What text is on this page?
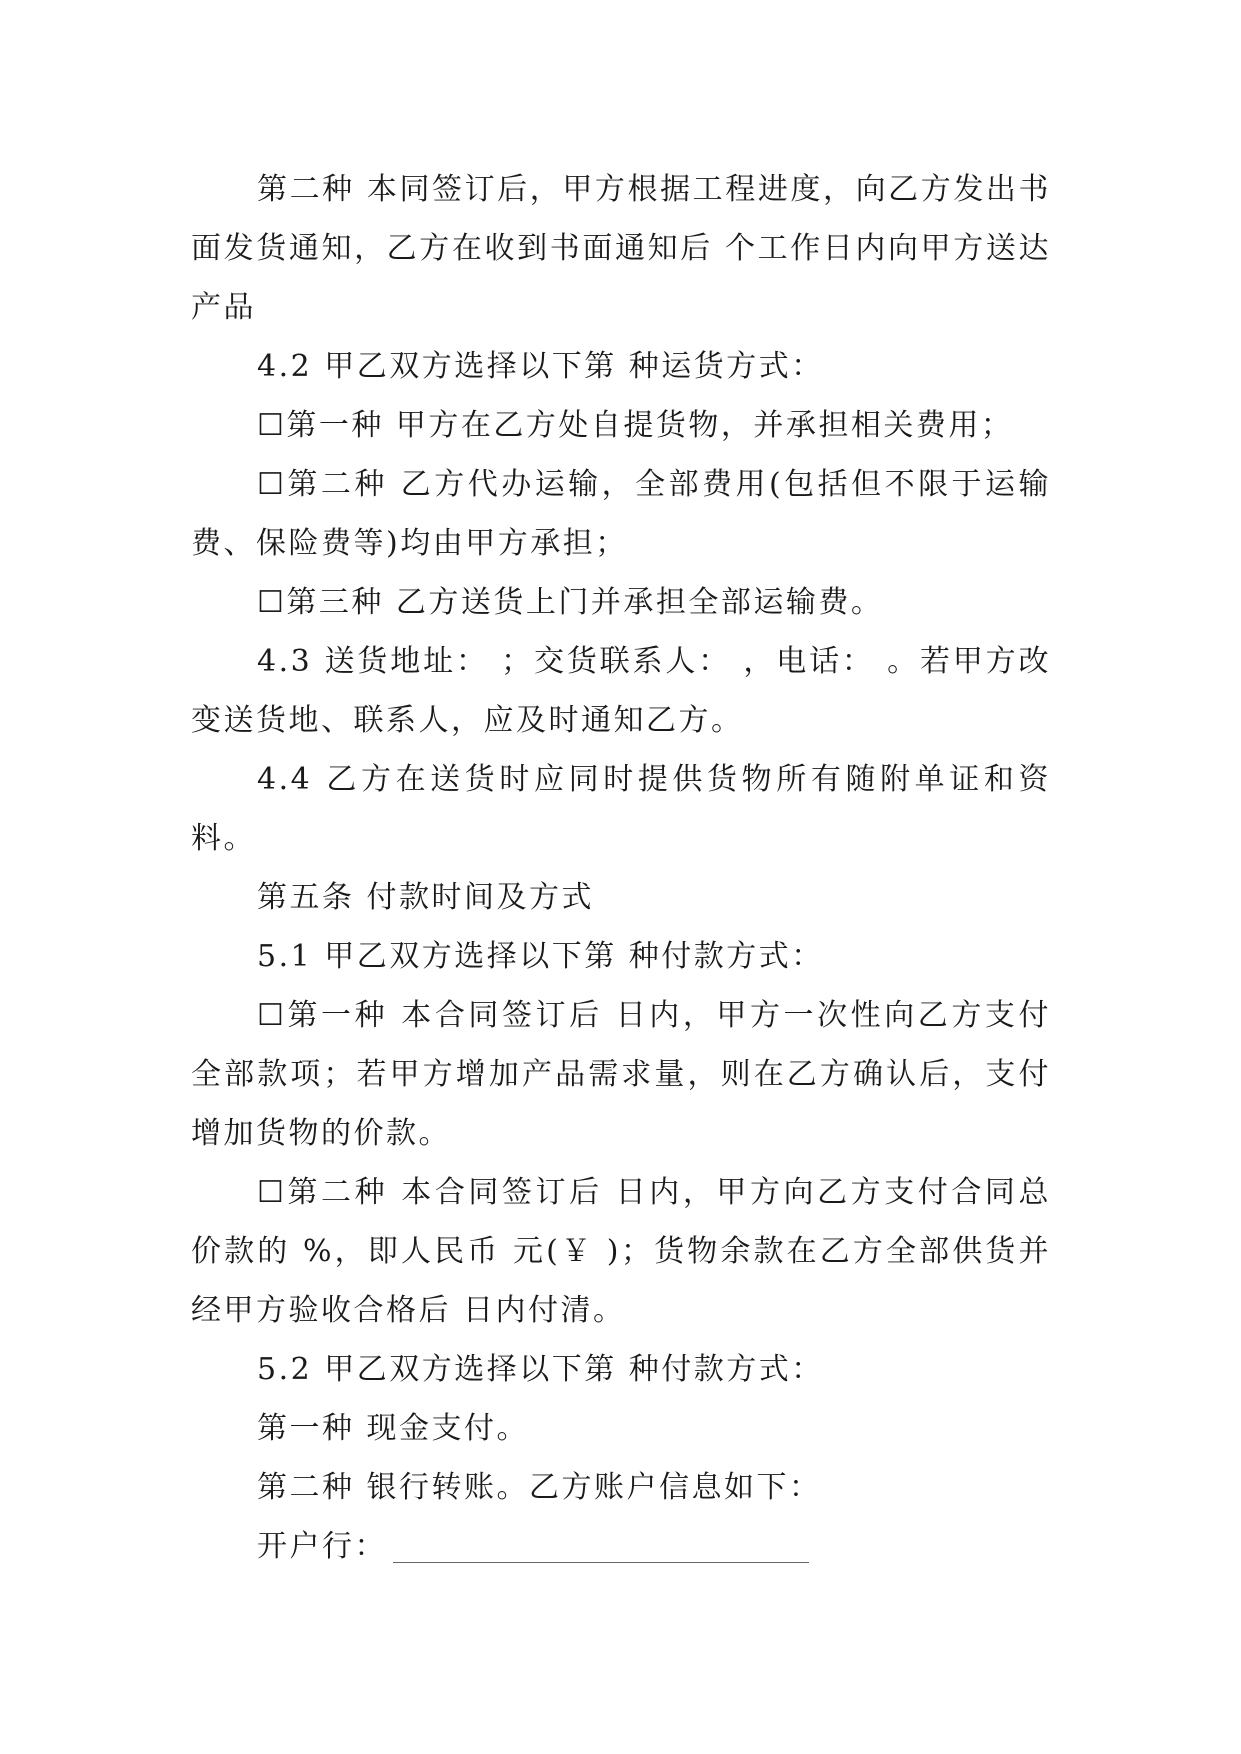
第二种 本同签订后，甲方根据工程进度，向乙方发出书面发货通知，乙方在收到书面通知后 个工作日内向甲方送达产品

4.2 甲乙双方选择以下第 种运货方式：

☐第一种 甲方在乙方处自提货物，并承担相关费用；

☐第二种 乙方代办运输，全部费用(包括但不限于运输费、保险费等)均由甲方承担；

☐第三种 乙方送货上门并承担全部运输费。

4.3 送货地址： ；交货联系人： ，电话： 。若甲方改变送货地、联系人，应及时通知乙方。

4.4 乙方在送货时应同时提供货物所有随附单证和资料。

第五条 付款时间及方式

5.1 甲乙双方选择以下第 种付款方式：

☐第一种 本合同签订后 日内，甲方一次性向乙方支付全部款项；若甲方增加产品需求量，则在乙方确认后，支付增加货物的价款。

☐第二种 本合同签订后 日内，甲方向乙方支付合同总价款的 %，即人民币 元(￥ )；货物余款在乙方全部供货并经甲方验收合格后 日内付清。

5.2 甲乙双方选择以下第 种付款方式：

第一种 现金支付。

第二种 银行转账。乙方账户信息如下：

开户行：
